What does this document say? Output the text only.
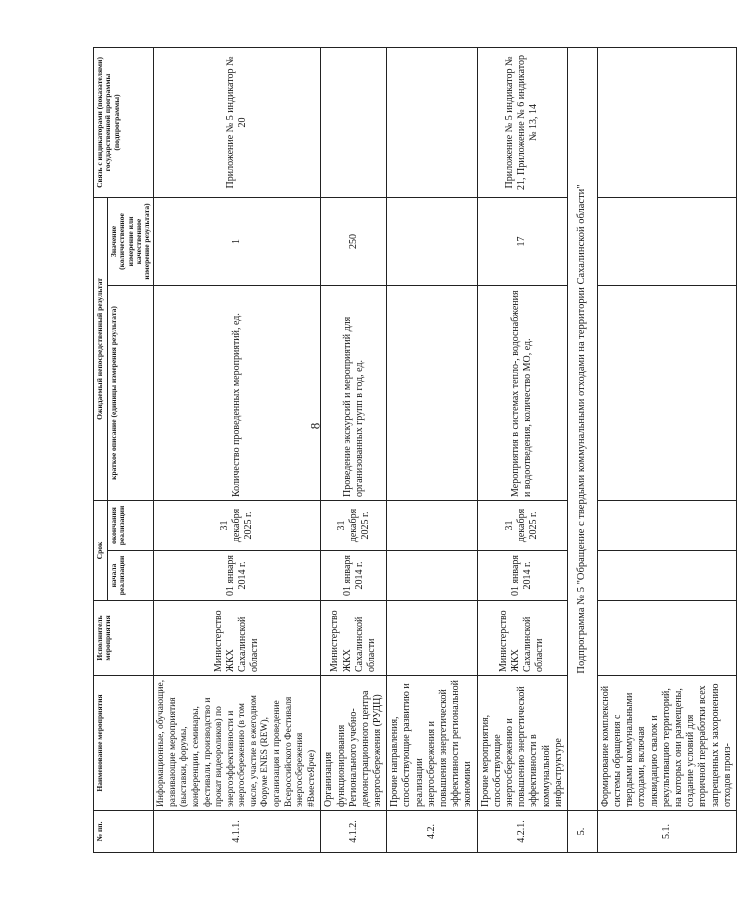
8
№ пп.	Наименование мероприятия	Исполнитель мероприятия	Срок		Ожидаемый непосредственный результат		Связь с индикаторами (показателями) государственной программы (подпрограммы)
			начала реализации	окончания реализации	краткое описание (единицы измерения результата)	Значение (количественное измерение или качественное измерение результата)	
4.1.1.	Информационные, обучающие, развивающие мероприятия (выставки, форумы, конференции, семинары, фестивали, производство и прокат видеороликов) по энергоэффективности и энергосбережению (в том числе, участие в ежегодном Форуме ENES (REW), организация и проведение Всероссийского Фестиваля энергосбережения #ВместеЯрче)	Министерство ЖКХ Сахалинской области	01 января 2014 г.	31 декабря 2025 г.	Количество проведенных мероприятий, ед.	1	Приложение № 5 индикатор № 20
4.1.2.	Организация функционирования Регионального учебно-демонстрационного центра энергосбережения (РУДЦ)	Министерство ЖКХ Сахалинской области	01 января 2014 г.	31 декабря 2025 г.	Проведение экскурсий и мероприятий для организованных групп в год, ед.	250	
4.2.	Прочие направления, способствующие развитию и реализации энергосбережения и повышения энергетической эффективности региональной экономики						
4.2.1.	Прочие мероприятия, способствующие энергосбережению и повышению энергетической эффективности в коммунальной инфраструктуре	Министерство ЖКХ Сахалинской области	01 января 2014 г.	31 декабря 2025 г.	Мероприятия в системах тепло-, водоснабжения и водоотведения, количество МО, ед.	17	Приложение № 5 индикатор № 21, Приложение № 6 индикатор № 13, 14
5.	Подпрограмма № 5 "Обращение с твердыми коммунальными отходами на территории Сахалинской области"						
5.1.	Формирование комплексной системы обращения с твердыми коммунальными отходами, включая ликвидацию свалок и рекультивацию территорий, на которых они размещены, создание условий для вторичной переработки всех запрещенных к захоронению отходов произ-						
